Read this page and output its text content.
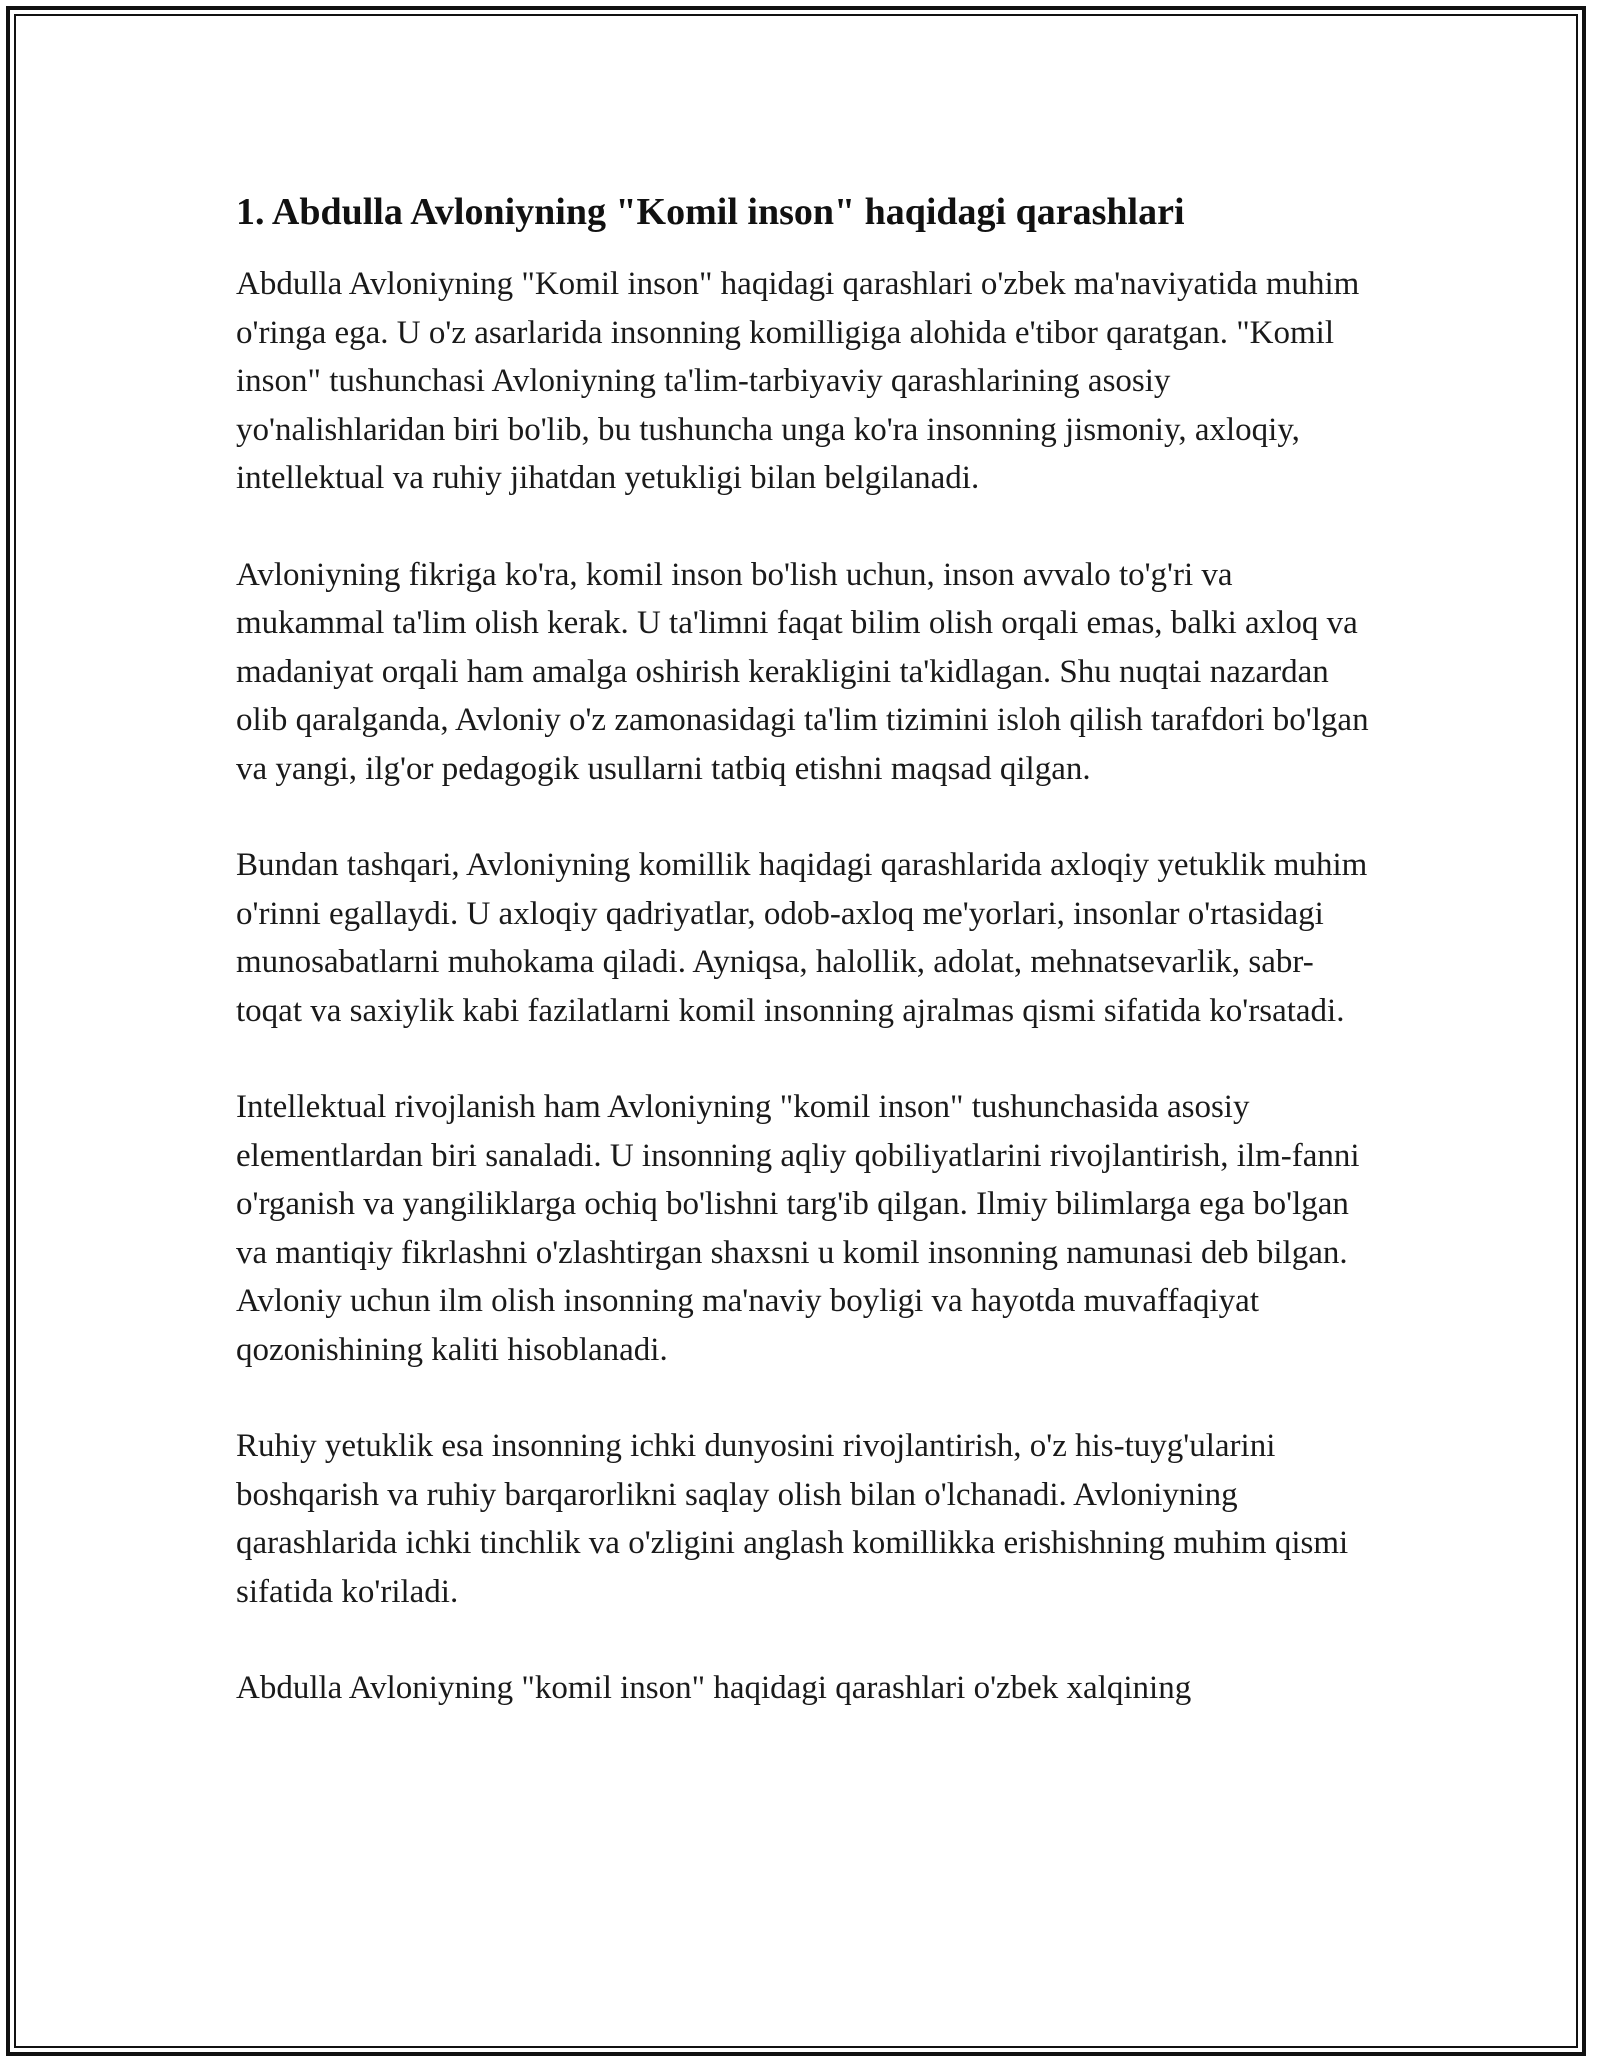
1. Abdulla Avloniyning "Komil inson" haqidagi qarashlari

Abdulla Avloniyning "Komil inson" haqidagi qarashlari o'zbek ma'naviyatida muhim o'ringa ega. U o'z asarlarida insonning komilligiga alohida e'tibor qaratgan. "Komil inson" tushunchasi Avloniyning ta'lim-tarbiyaviy qarashlarining asosiy yo'nalishlaridan biri bo'lib, bu tushuncha unga ko'ra insonning jismoniy, axloqiy, intellektual va ruhiy jihatdan yetukligi bilan belgilanadi.

Avloniyning fikriga ko'ra, komil inson bo'lish uchun, inson avvalo to'g'ri va mukammal ta'lim olish kerak. U ta'limni faqat bilim olish orqali emas, balki axloq va madaniyat orqali ham amalga oshirish kerakligini ta'kidlagan. Shu nuqtai nazardan olib qaralganda, Avloniy o'z zamonasidagi ta'lim tizimini isloh qilish tarafdori bo'lgan va yangi, ilg'or pedagogik usullarni tatbiq etishni maqsad qilgan.

Bundan tashqari, Avloniyning komillik haqidagi qarashlarida axloqiy yetuklik muhim o'rinni egallaydi. U axloqiy qadriyatlar, odob-axloq me'yorlari, insonlar o'rtasidagi munosabatlarni muhokama qiladi. Ayniqsa, halollik, adolat, mehnatsevarlik, sabr-toqat va saxiylik kabi fazilatlarni komil insonning ajralmas qismi sifatida ko'rsatadi.

Intellektual rivojlanish ham Avloniyning "komil inson" tushunchasida asosiy elementlardan biri sanaladi. U insonning aqliy qobiliyatlarini rivojlantirish, ilm-fanni o'rganish va yangiliklarga ochiq bo'lishni targ'ib qilgan. Ilmiy bilimlarga ega bo'lgan va mantiqiy fikrlashni o'zlashtirgan shaxsni u komil insonning namunasi deb bilgan. Avloniy uchun ilm olish insonning ma'naviy boyligi va hayotda muvaffaqiyat qozonishining kaliti hisoblanadi.

Ruhiy yetuklik esa insonning ichki dunyosini rivojlantirish, o'z his-tuyg'ularini boshqarish va ruhiy barqarorlikni saqlay olish bilan o'lchanadi. Avloniyning qarashlarida ichki tinchlik va o'zligini anglash komillikka erishishning muhim qismi sifatida ko'riladi.

Abdulla Avloniyning "komil inson" haqidagi qarashlari o'zbek xalqining
